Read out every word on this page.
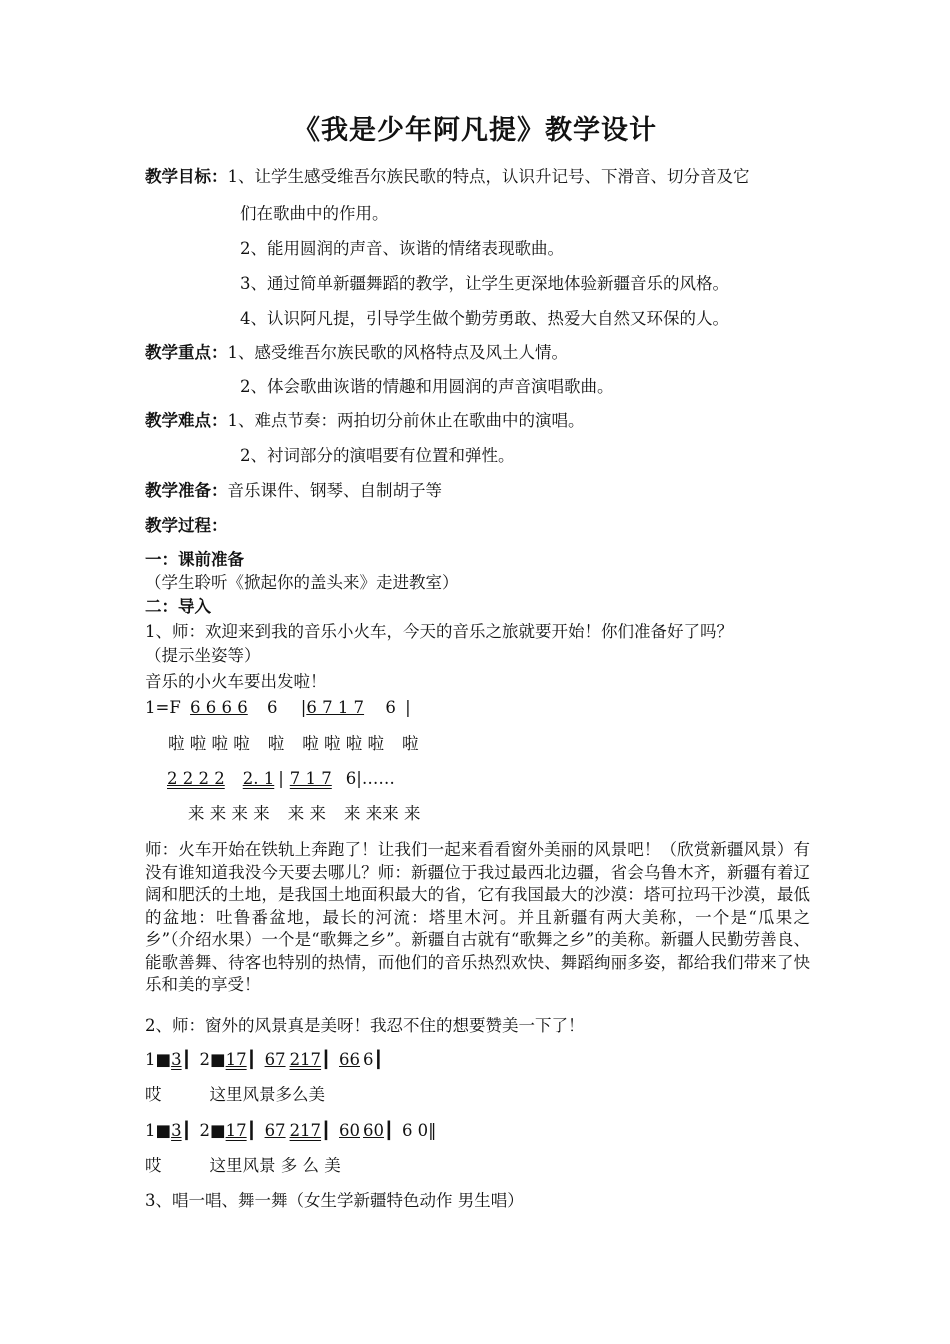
《我是少年阿凡提》教学设计
教学目标：1、让学生感受维吾尔族民歌的特点，认识升记号、下滑音、切分音及它
们在歌曲中的作用。
2、能用圆润的声音、诙谐的情绪表现歌曲。
3、通过简单新疆舞蹈的教学，让学生更深地体验新疆音乐的风格。
4、认识阿凡提，引导学生做个勤劳勇敢、热爱大自然又环保的人。
教学重点：1、感受维吾尔族民歌的风格特点及风土人情。
2、体会歌曲诙谐的情趣和用圆润的声音演唱歌曲。
教学难点：1、难点节奏：两拍切分前休止在歌曲中的演唱。
2、衬词部分的演唱要有位置和弹性。
教学准备：音乐课件、钢琴、自制胡子等
教学过程：
一：课前准备
（学生聆听《掀起你的盖头来》走进教室）
二：导入
1、师：欢迎来到我的音乐小火车，今天的音乐之旅就要开始！你们准备好了吗？
（提示坐姿等）
音乐的小火车要出发啦！
1=F 6 6 6 6 6 |6 7 1 7 6 |
啦 啦 啦 啦 啦 啦 啦 啦 啦 啦
2 2 2 2 2. 1 | 7 1 7 6|……
来 来 来 来 来 来 来 来来 来
师：火车开始在铁轨上奔跑了！让我们一起来看看窗外美丽的风景吧！（欣赏新疆风景）有没有谁知道我没今天要去哪儿？师：新疆位于我过最西北边疆，省会乌鲁木齐，新疆有着辽阔和肥沃的土地，是我国土地面积最大的省，它有我国最大的沙漠：塔可拉玛干沙漠，最低的盆地：吐鲁番盆地，最长的河流：塔里木河。并且新疆有两大美称，一个是“瓜果之乡”（介绍水果）一个是“歌舞之乡”。新疆自古就有“歌舞之乡”的美称。新疆人民勤劳善良、能歌善舞、待客也特别的热情，而他们的音乐热烈欢快、舞蹈绚丽多姿，都给我们带来了快乐和美的享受！
2、师：窗外的风景真是美呀！我忍不住的想要赞美一下了！
1■3┃ 2■17┃ 67 217┃ 66 6┃
哎	这里风景多么美
1■3┃ 2■17┃ 67 217┃ 60 60┃ 6 0‖
哎	这里风景 多 么 美
3、唱一唱、舞一舞（女生学新疆特色动作 男生唱）
